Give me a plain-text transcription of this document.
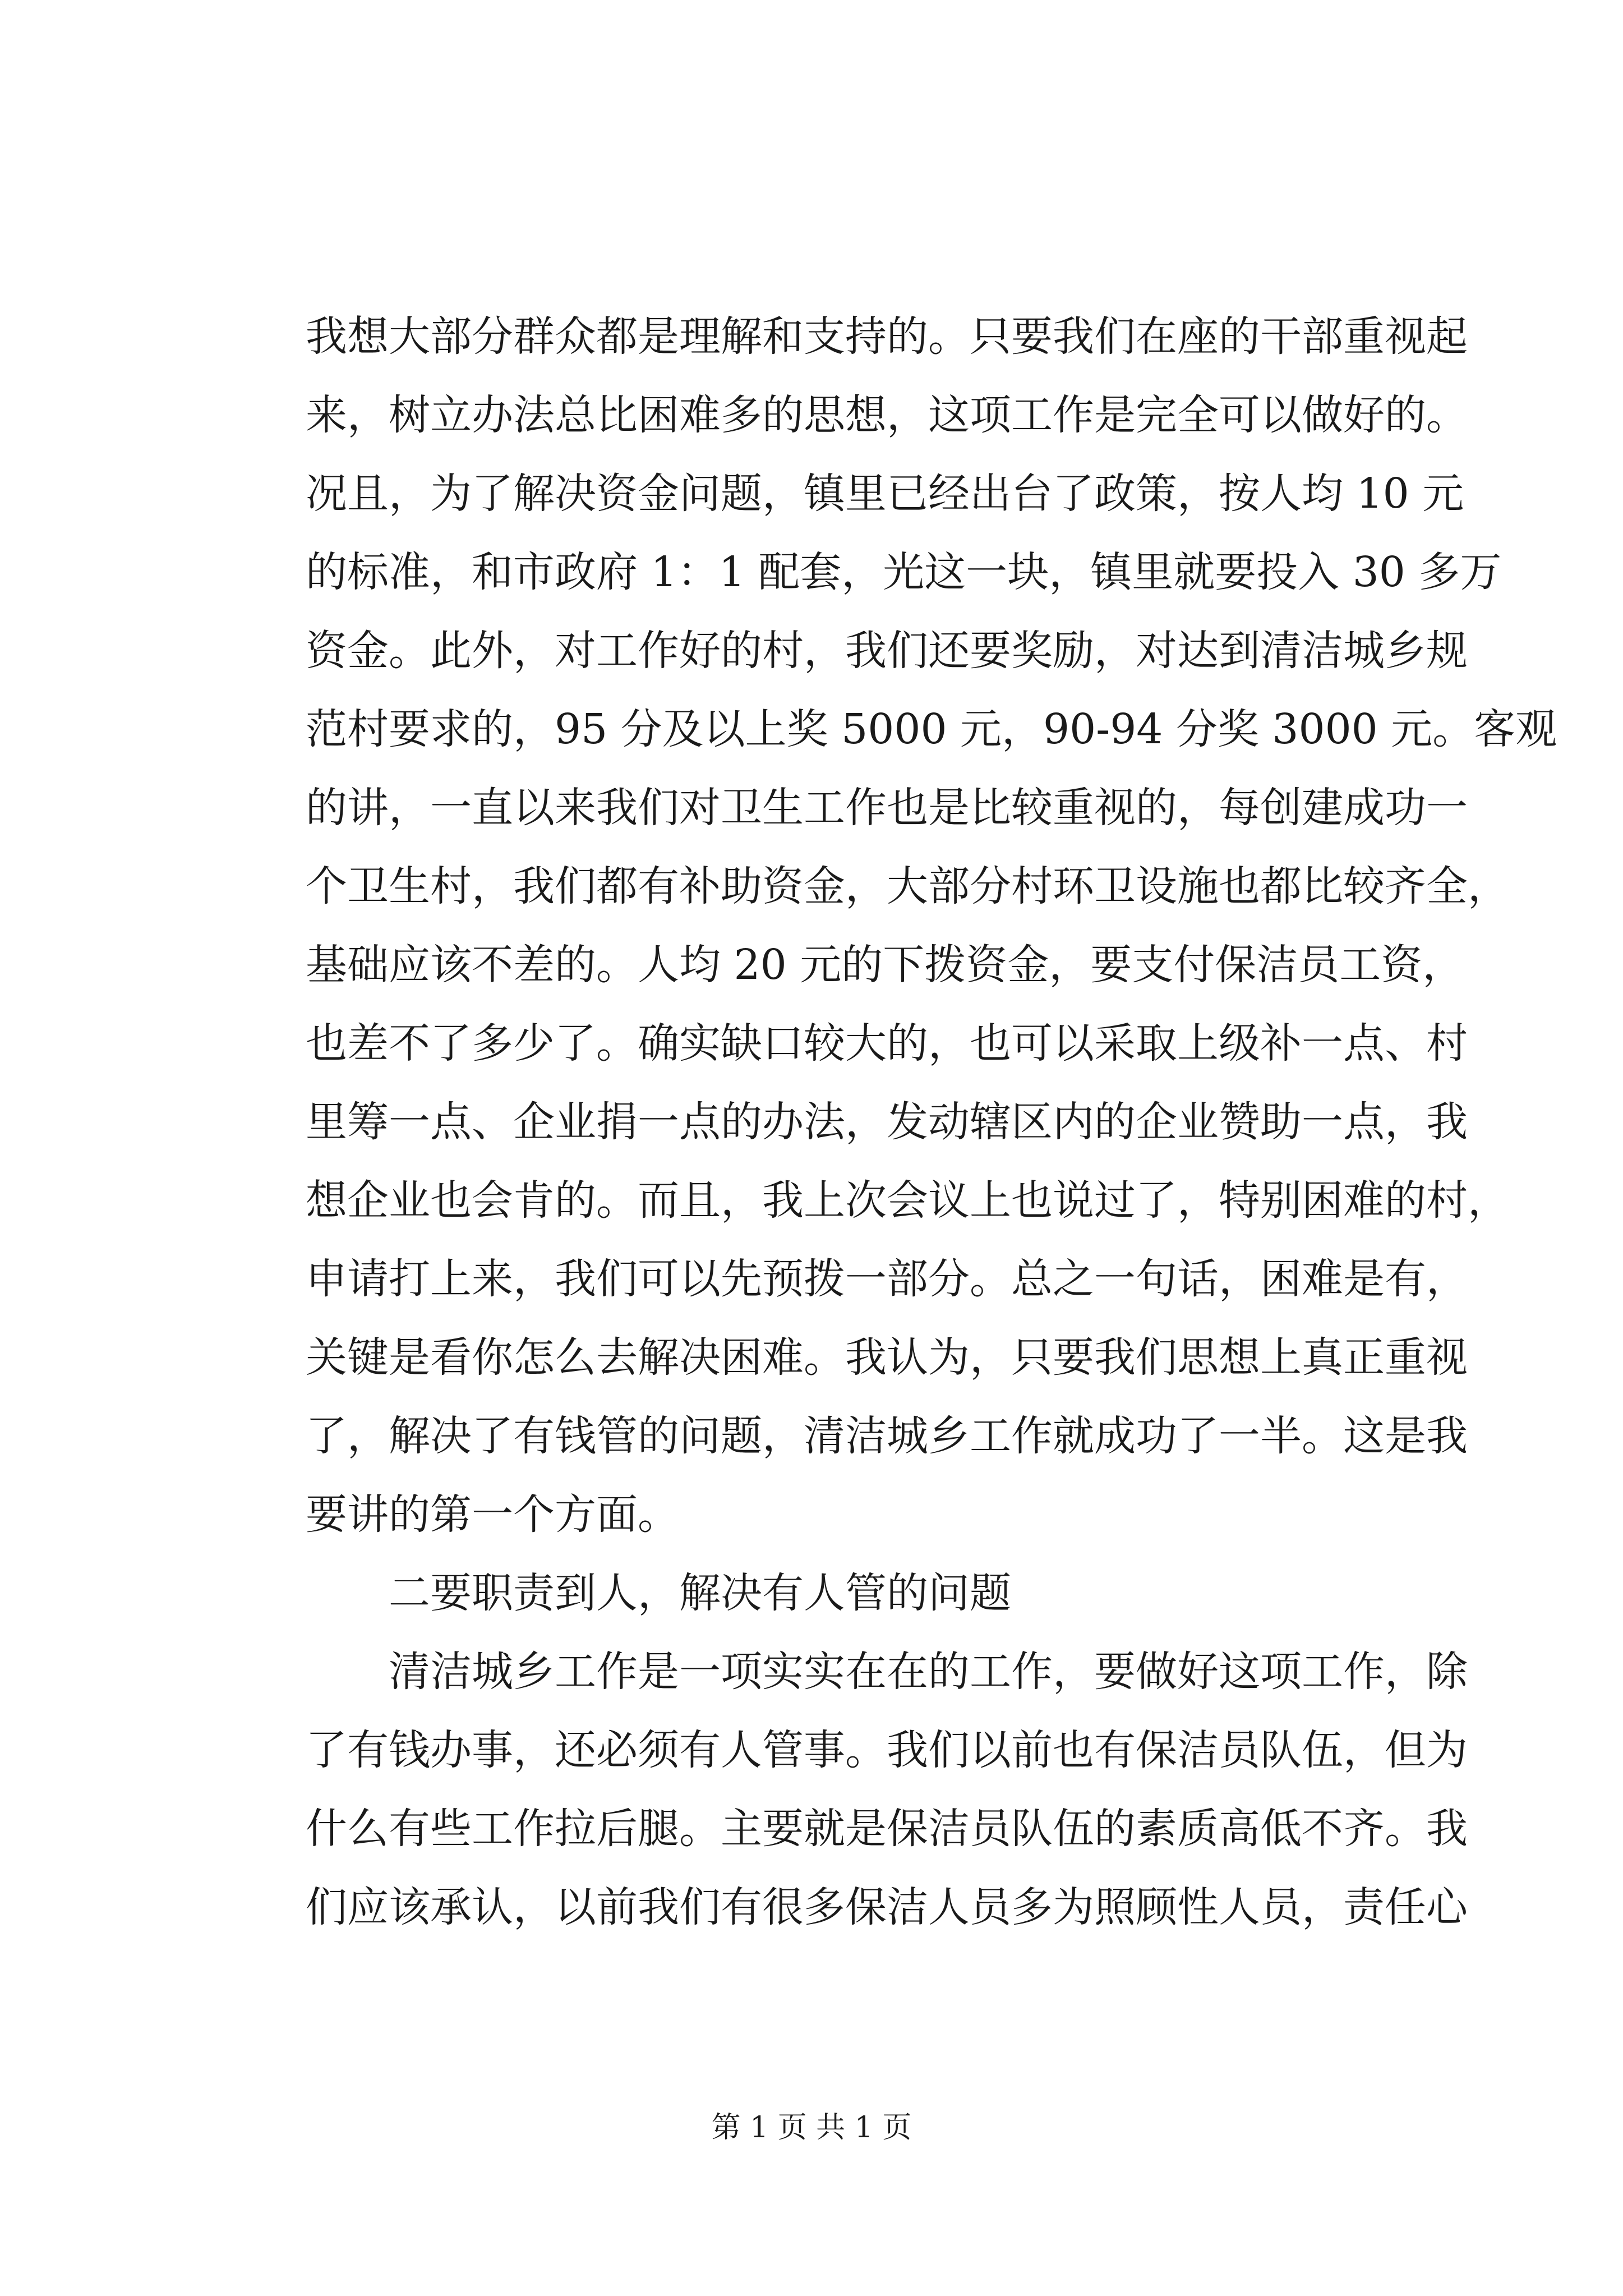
我想大部分群众都是理解和支持的。只要我们在座的干部重视起
来，树立办法总比困难多的思想，这项工作是完全可以做好的。
况且，为了解决资金问题，镇里已经出台了政策，按人均 10 元
的标准，和市政府 1：1 配套，光这一块，镇里就要投入 30 多万
资金。此外，对工作好的村，我们还要奖励，对达到清洁城乡规
范村要求的，95 分及以上奖 5000 元，90-94 分奖 3000 元。客观
的讲，一直以来我们对卫生工作也是比较重视的，每创建成功一
个卫生村，我们都有补助资金，大部分村环卫设施也都比较齐全，
基础应该不差的。人均 20 元的下拨资金，要支付保洁员工资，
也差不了多少了。确实缺口较大的，也可以采取上级补一点、村
里筹一点、企业捐一点的办法，发动辖区内的企业赞助一点，我
想企业也会肯的。而且，我上次会议上也说过了，特别困难的村，
申请打上来，我们可以先预拨一部分。总之一句话，困难是有，
关键是看你怎么去解决困难。我认为，只要我们思想上真正重视
了，解决了有钱管的问题，清洁城乡工作就成功了一半。这是我
要讲的第一个方面。
二要职责到人，解决有人管的问题
清洁城乡工作是一项实实在在的工作，要做好这项工作，除
了有钱办事，还必须有人管事。我们以前也有保洁员队伍，但为
什么有些工作拉后腿。主要就是保洁员队伍的素质高低不齐。我
们应该承认，以前我们有很多保洁人员多为照顾性人员，责任心
第 1 页 共 1 页
